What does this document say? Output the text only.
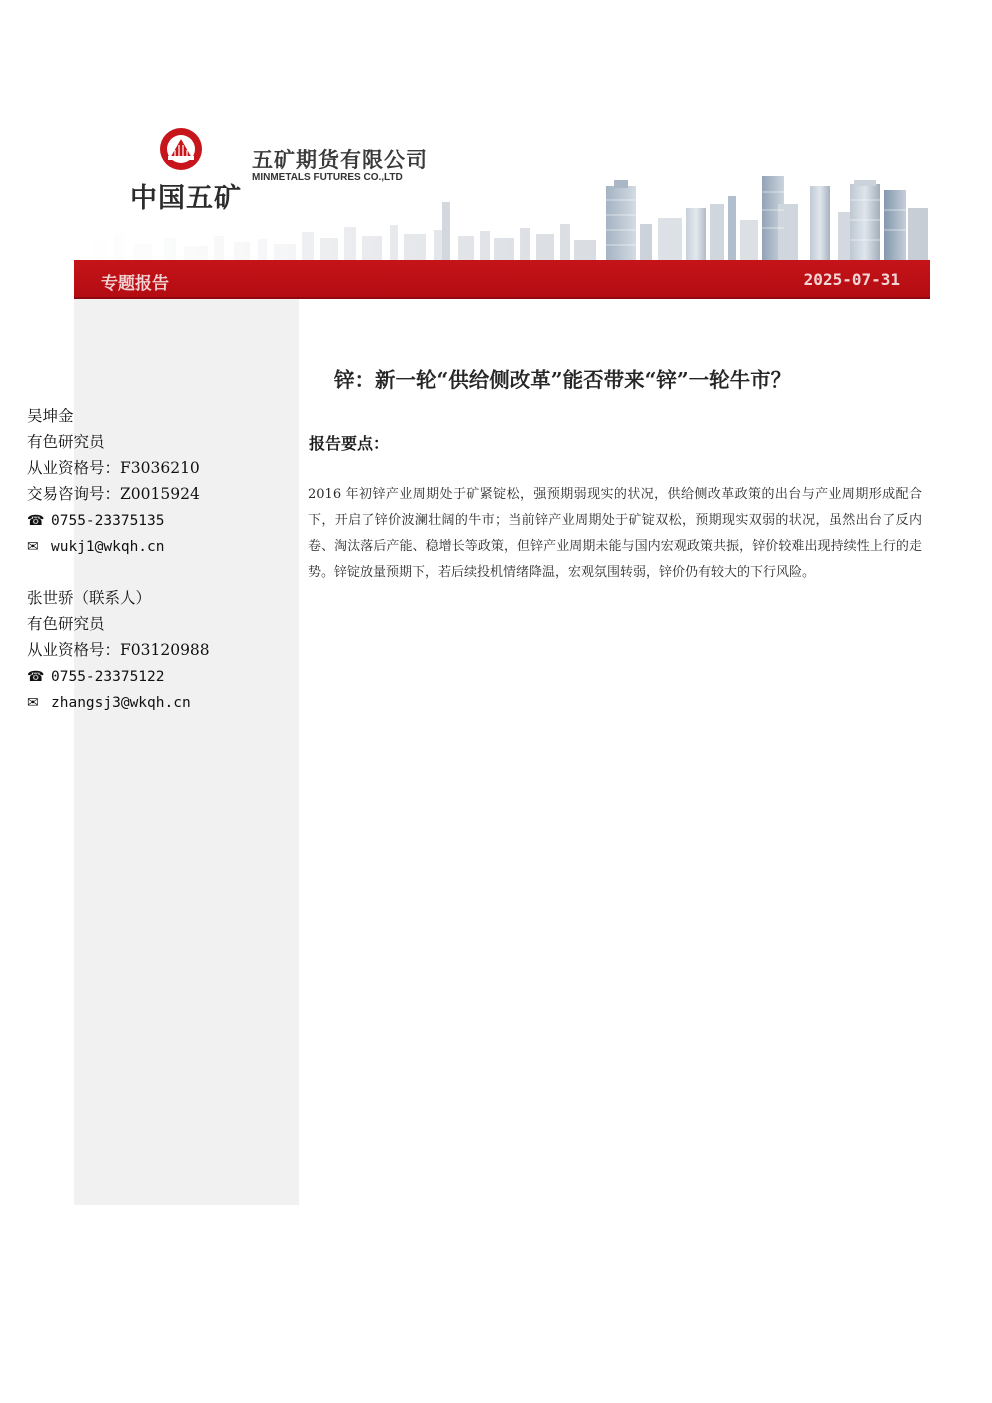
中国五矿
五矿期货有限公司
MINMETALS FUTURES CO.,LTD
专题报告	2025-07-31
吴坤金
有色研究员
从业资格号：F3036210
交易咨询号：Z0015924
☎ 0755-23375135
✉ wukj1@wkqh.cn
张世骄（联系人）
有色研究员
从业资格号：F03120988
☎ 0755-23375122
✉ zhangsj3@wkqh.cn
锌：新一轮“供给侧改革”能否带来“锌”一轮牛市？
报告要点：
2016 年初锌产业周期处于矿紧锭松，强预期弱现实的状况，供给侧改革政策的出台与产业周期形成配合下，开启了锌价波澜壮阔的牛市；当前锌产业周期处于矿锭双松，预期现实双弱的状况，虽然出台了反内卷、淘汰落后产能、稳增长等政策，但锌产业周期未能与国内宏观政策共振，锌价较难出现持续性上行的走势。锌锭放量预期下，若后续投机情绪降温，宏观氛围转弱，锌价仍有较大的下行风险。
